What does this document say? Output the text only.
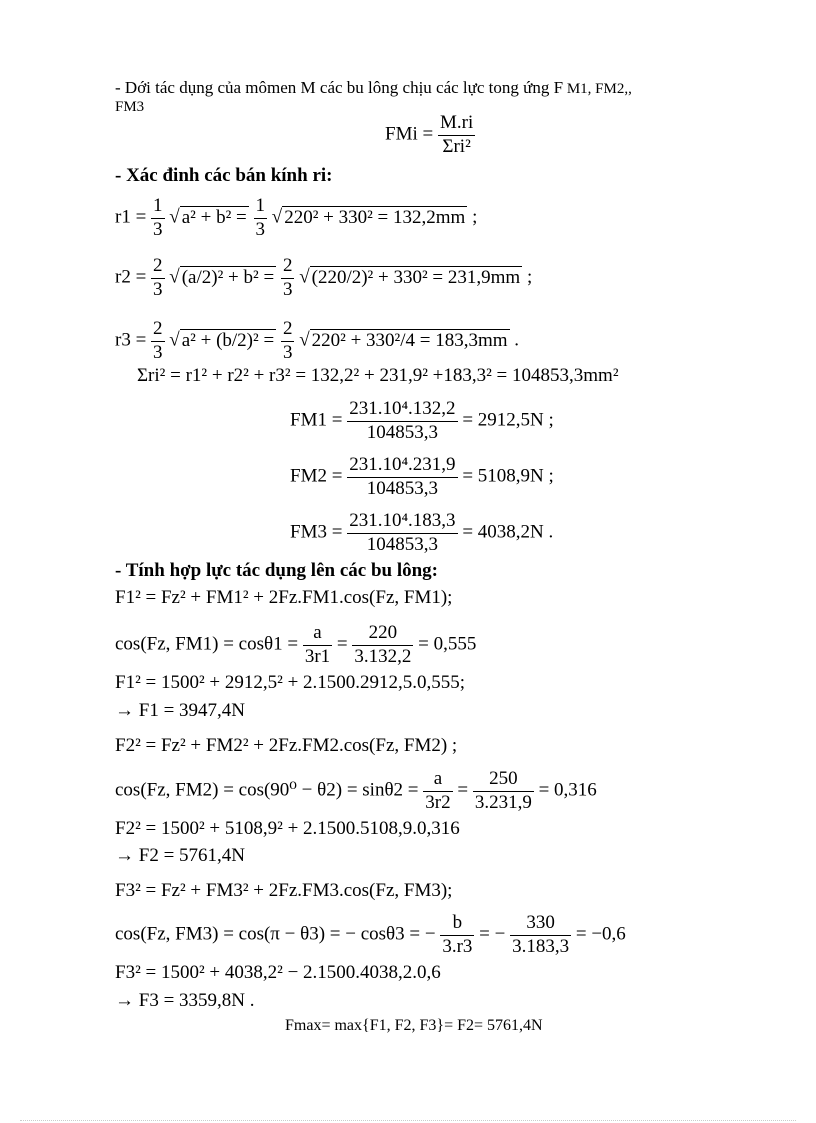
- Dới tác dụng của mômen M các bu lông chịu các lực tong ứng F M1, FM2,,
FM3
FMi = $\frac{M.ri}{\text{Σri²}}$
- Xác đinh các bán kính ri:
$r1 = \frac{1}{3}$ √ $a^2 + b^2 = \frac{1}{3}$ √ 220² + 330² = 132,2mm ;
$r2 = \frac{2}{3}$ √ $(a/2)^2 + b^2 = \frac{2}{3}$ √ (220/2)² + 330² = 231,9mm ;
$r3 = \frac{2}{3}$ √ $a^2 + (b/2)^2 = \frac{2}{3}$ √ 220² + 330²/4 = 183,3mm .
Σri² = r1² + r2² + r3² = 132,2² + 231,9² +183,3² = 104853,3mm²
$FM1 = \frac{\text{231.10⁴.132,2}}{104853,3} = 2912,5N$ ;
$FM2 = \frac{\text{231.10⁴.231,9}}{104853,3} = 5108,9N$ ;
$FM3 = \frac{\text{231.10⁴.183,3}}{104853,3} = 4038,2N$ .
- Tính hợp lực tác dụng lên các bu lông:
F1² = Fz² + FM1² + 2Fz.FM1.cos(Fz, FM1);
cos(Fz, $FM1) = \cos\theta 1 = \frac{a}{3r1} = \frac{220}{3.132,2} = 0,555$
F1² = 1500² + 2912,5² + 2.1500.2912,5.0,555;
→ F1 = 3947,4N
F2² = Fz² + FM2² + 2Fz.FM2.cos(Fz, FM2) ;
cos(Fz, $FM2) = \cos(90^0 - \theta 2) = \sin\theta 2 = \frac{a}{3r2} = \frac{250}{3.231,9} = 0,316$
F2² = 1500² + 5108,9² + 2.1500.5108,9.0,316
→ F2 = 5761,4N
F3² = Fz² + FM3² + 2Fz.FM3.cos(Fz, FM3);
cos(Fz, FM3) = cos(π − θ3) = − cosθ3 = − $\frac{b}{3.r3}$ = − $\frac{330}{3.183,3} = -0,6$
F3² = 1500² + 4038,2² − 2.1500.4038,2.0,6
→ F3 = 3359,8N .
Fmax= max{F1, F2, F3}= F2= 5761,4N
